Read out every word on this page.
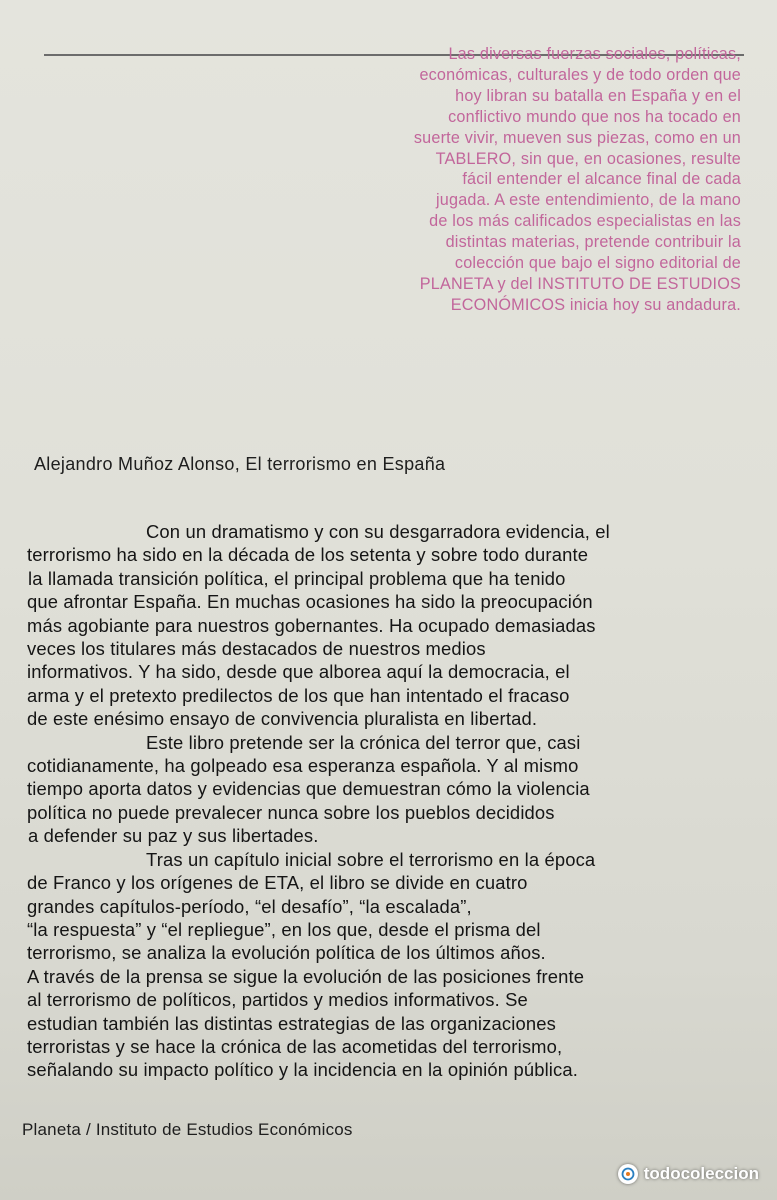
Las diversas fuerzas sociales, políticas,
económicas, culturales y de todo orden que
hoy libran su batalla en España y en el
conflictivo mundo que nos ha tocado en
suerte vivir, mueven sus piezas, como en un
TABLERO, sin que, en ocasiones, resulte
fácil entender el alcance final de cada
jugada. A este entendimiento, de la mano
de los más calificados especialistas en las
distintas materias, pretende contribuir la
colección que bajo el signo editorial de
PLANETA y del INSTITUTO DE ESTUDIOS
ECONÓMICOS inicia hoy su andadura.
Alejandro Muñoz Alonso, El terrorismo en España
Con un dramatismo y con su desgarradora evidencia, el
terrorismo ha sido en la década de los setenta y sobre todo durante
la llamada transición política, el principal problema que ha tenido
que afrontar España. En muchas ocasiones ha sido la preocupación
más agobiante para nuestros gobernantes. Ha ocupado demasiadas
veces los titulares más destacados de nuestros medios
informativos. Y ha sido, desde que alborea aquí la democracia, el
arma y el pretexto predilectos de los que han intentado el fracaso
de este enésimo ensayo de convivencia pluralista en libertad.
Este libro pretende ser la crónica del terror que, casi
cotidianamente, ha golpeado esa esperanza española. Y al mismo
tiempo aporta datos y evidencias que demuestran cómo la violencia
política no puede prevalecer nunca sobre los pueblos decididos
a defender su paz y sus libertades.
Tras un capítulo inicial sobre el terrorismo en la época
de Franco y los orígenes de ETA, el libro se divide en cuatro
grandes capítulos-período, “el desafío”, “la escalada”,
“la respuesta” y “el repliegue”, en los que, desde el prisma del
terrorismo, se analiza la evolución política de los últimos años.
A través de la prensa se sigue la evolución de las posiciones frente
al terrorismo de políticos, partidos y medios informativos. Se
estudian también las distintas estrategias de las organizaciones
terroristas y se hace la crónica de las acometidas del terrorismo,
señalando su impacto político y la incidencia en la opinión pública.
Planeta / Instituto de Estudios Económicos
todocoleccion
